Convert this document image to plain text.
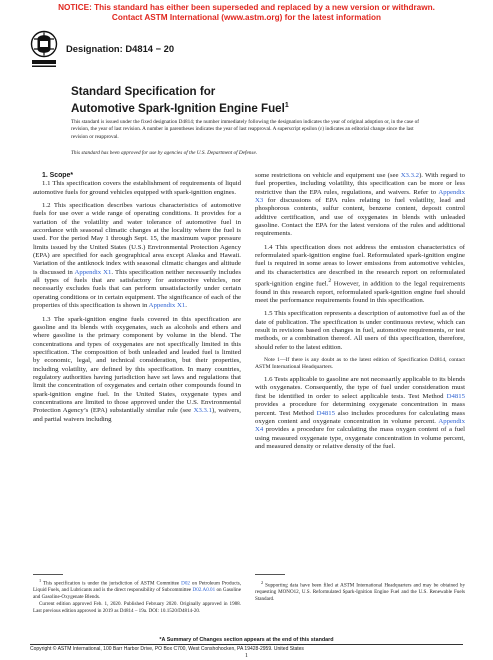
NOTICE: This standard has either been superseded and replaced by a new version or withdrawn.
Contact ASTM International (www.astm.org) for the latest information
Designation: D4814 − 20
Standard Specification for
Automotive Spark-Ignition Engine Fuel$^1$
This standard is issued under the fixed designation D4814; the number immediately following the designation indicates the year of original adoption or, in the case of revision, the year of last revision. A number in parentheses indicates the year of last reapproval. A superscript epsilon (ε) indicates an editorial change since the last revision or reapproval.
This standard has been approved for use by agencies of the U.S. Department of Defense.

1. Scope*

1.1 This specification covers the establishment of requirements of liquid automotive fuels for ground vehicles equipped with spark-ignition engines.

1.2 This specification describes various characteristics of automotive fuels for use over a wide range of operating conditions. It provides for a variation of the volatility and water tolerance of automotive fuel in accordance with seasonal climatic changes at the locality where the fuel is used. For the period May 1 through Sept. 15, the maximum vapor pressure limits issued by the United States (U.S.) Environmental Protection Agency (EPA) are specified for each geographical area except Alaska and Hawaii. Variation of the antiknock index with seasonal climatic changes and altitude is discussed in Appendix X1. This specification neither necessarily includes all types of fuels that are satisfactory for automotive vehicles, nor necessarily excludes fuels that can perform unsatisfactorily under certain operating conditions or in certain equipment. The significance of each of the properties of this specification is shown in Appendix X1.

1.3 The spark-ignition engine fuels covered in this specification are gasoline and its blends with oxygenates, such as alcohols and ethers and where gasoline is the primary component by volume in the blend. The concentrations and types of oxygenates are not specifically limited in this specification. The composition of both unleaded and leaded fuel is limited by economic, legal, and technical consideration, but their properties, including volatility, are defined by this specification. In many countries, regulatory authorities having jurisdiction have set laws and regulations that limit the concentration of oxygenates and certain other compounds found in spark-ignition engine fuel. In the United States, oxygenate types and concentrations are limited to those approved under the U.S. Environmental Protection Agency’s (EPA) substantially similar rule (see X3.3.1), waivers, and partial waivers including

some restrictions on vehicle and equipment use (see X3.3.2). With regard to fuel properties, including volatility, this specification can be more or less restrictive than the EPA rules, regulations, and waivers. Refer to Appendix X3 for discussions of EPA rules relating to fuel volatility, lead and phosphorous contents, sulfur content, benzene content, deposit control additive certification, and use of oxygenates in blends with unleaded gasoline. Contact the EPA for the latest versions of the rules and additional requirements.

1.4 This specification does not address the emission characteristics of reformulated spark-ignition engine fuel. Reformulated spark-ignition engine fuel is required in some areas to lower emissions from automotive vehicles, and its characteristics are described in the research report on reformulated spark-ignition engine fuel.$^2$ However, in addition to the legal requirements found in this research report, reformulated spark-ignition engine fuel should meet the performance requirements found in this specification.

1.5 This specification represents a description of automotive fuel as of the date of publication. The specification is under continuous review, which can result in revisions based on changes in fuel, automotive requirements, or test methods, or a combination thereof. All users of this specification, therefore, should refer to the latest edition.

Note 1—If there is any doubt as to the latest edition of Specification D4814, contact ASTM International Headquarters.

1.6 Tests applicable to gasoline are not necessarily applicable to its blends with oxygenates. Consequently, the type of fuel under consideration must first be identified in order to select applicable tests. Test Method D4815 provides a procedure for determining oxygenate concentration in mass percent. Test Method D4815 also includes procedures for calculating mass oxygen content and oxygenate concentration in volume percent. Appendix X4 provides a procedure for calculating the mass oxygen content of a fuel using measured oxygenate type, oxygenate concentration in volume percent, and measured density or relative density of the fuel.

$^1$ This specification is under the jurisdiction of ASTM Committee D02 on Petroleum Products, Liquid Fuels, and Lubricants and is the direct responsibility of Subcommittee D02.A0.01 on Gasoline and Gasoline-Oxygenate Blends.

Current edition approved Feb. 1, 2020. Published February 2020. Originally approved in 1988. Last previous edition approved in 2019 as D4814 – 19a. DOI: 10.1520/D4814-20.

$^2$ Supporting data have been filed at ASTM International Headquarters and may be obtained by requesting MONO12, U.S. Reformulated Spark-Ignition Engine Fuel and the U.S. Renewable Fuels Standard.

*A Summary of Changes section appears at the end of this standard
Copyright © ASTM International, 100 Barr Harbor Drive, PO Box C700, West Conshohocken, PA 19428-2959. United States
1
